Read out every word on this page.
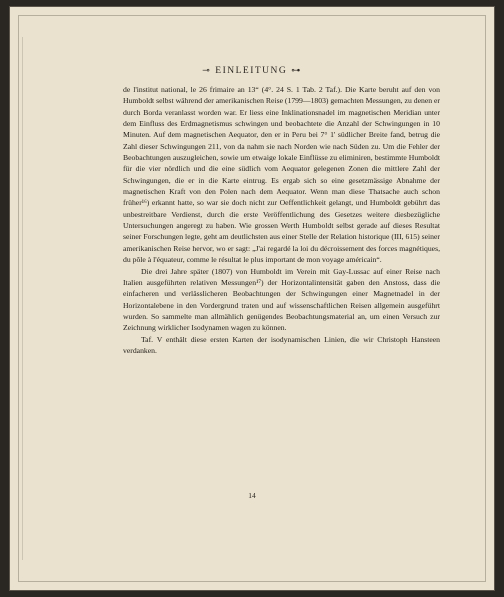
⊸ EINLEITUNG ⊶

de l'institut national, le 26 frimaire an 13“ (4°. 24 S. 1 Tab. 2 Taf.). Die Karte beruht auf den von Humboldt selbst während der amerikanischen Reise (1799—1803) gemachten Messungen, zu denen er durch Borda veranlasst worden war. Er liess eine Inklinationsnadel im magnetischen Meridian unter dem Einfluss des Erdmagnetismus schwingen und beobachtete die Anzahl der Schwingungen in 10 Minuten. Auf dem magnetischen Aequator, den er in Peru bei 7° 1' südlicher Breite fand, betrug die Zahl dieser Schwingungen 211, von da nahm sie nach Norden wie nach Süden zu. Um die Fehler der Beobachtungen auszugleichen, sowie um etwaige lokale Einflüsse zu eliminiren, bestimmte Humboldt für die vier nördlich und die eine südlich vom Aequator gelegenen Zonen die mittlere Zahl der Schwingungen, die er in die Karte eintrug. Es ergab sich so eine gesetzmässige Abnahme der magnetischen Kraft von den Polen nach dem Aequator. Wenn man diese Thatsache auch schon früher¹⁶) erkannt hatte, so war sie doch nicht zur Oeffentlichkeit gelangt, und Humboldt gebührt das unbestreitbare Verdienst, durch die erste Veröffentlichung des Gesetzes weitere diesbezügliche Untersuchungen angeregt zu haben. Wie grossen Werth Humboldt selbst gerade auf dieses Resultat seiner Forschungen legte, geht am deutlichsten aus einer Stelle der Relation historique (III, 615) seiner amerikanischen Reise hervor, wo er sagt: „J'ai regardé la loi du décroissement des forces magnétiques, du pôle à l'équateur, comme le résultat le plus important de mon voyage américain“.

Die drei Jahre später (1807) von Humboldt im Verein mit Gay-Lussac auf einer Reise nach Italien ausgeführten relativen Messungen¹⁷) der Horizontalintensität gaben den Anstoss, dass die einfacheren und verlässlicheren Beobachtungen der Schwingungen einer Magnetnadel in der Horizontalebene in den Vordergrund traten und auf wissenschaftlichen Reisen allgemein ausgeführt wurden. So sammelte man allmählich genügendes Beobachtungsmaterial an, um einen Versuch zur Zeichnung wirklicher Isodynamen wagen zu können.

Taf. V enthält diese ersten Karten der isodynamischen Linien, die wir Christoph Hansteen verdanken.

14
